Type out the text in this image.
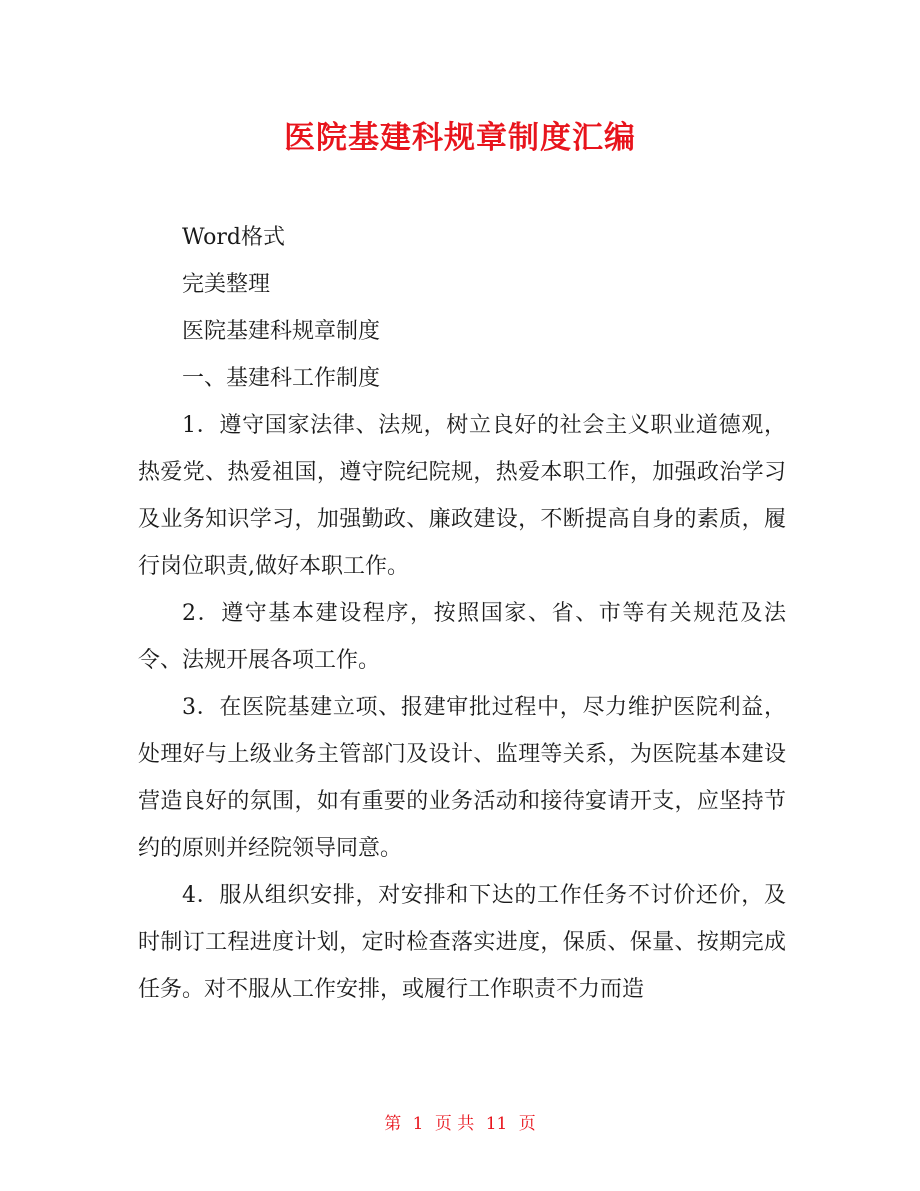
医院基建科规章制度汇编

Word格式

完美整理

医院基建科规章制度

一、基建科工作制度

1．遵守国家法律、法规，树立良好的社会主义职业道德观，热爱党、热爱祖国，遵守院纪院规，热爱本职工作，加强政治学习及业务知识学习，加强勤政、廉政建设，不断提高自身的素质，履行岗位职责,做好本职工作。

2．遵守基本建设程序，按照国家、省、市等有关规范及法令、法规开展各项工作。

3．在医院基建立项、报建审批过程中，尽力维护医院利益，处理好与上级业务主管部门及设计、监理等关系，为医院基本建设营造良好的氛围，如有重要的业务活动和接待宴请开支，应坚持节约的原则并经院领导同意。

4．服从组织安排，对安排和下达的工作任务不讨价还价，及时制订工程进度计划，定时检查落实进度，保质、保量、按期完成任务。对不服从工作安排，或履行工作职责不力而造

第 1 页 共 11 页
